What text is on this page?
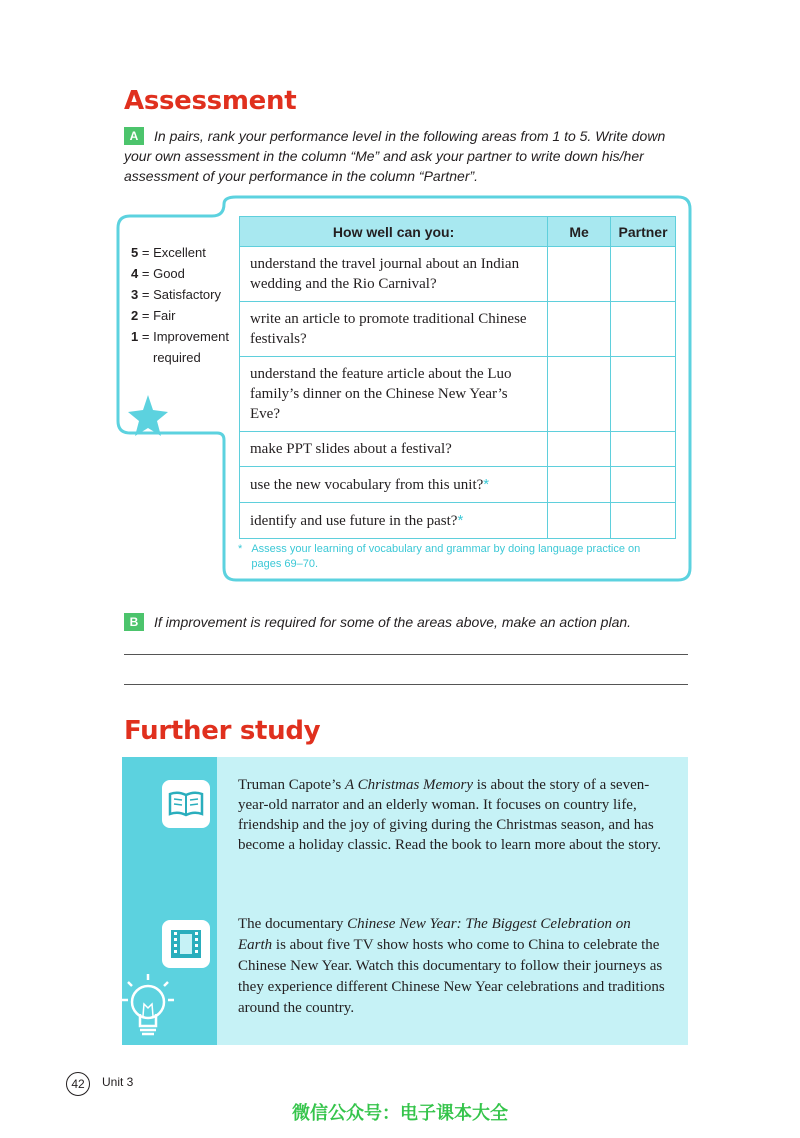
Assessment
A	In pairs, rank your performance level in the following areas from 1 to 5. Write down your own assessment in the column “Me” and ask your partner to write down his/her assessment of your performance in the column “Partner”.
5 = Excellent
4 = Good
3 = Satisfactory
2 = Fair
1 = Improvement
required
How well can you:	Me	Partner
understand the travel journal about an Indian wedding and the Rio Carnival?		
write an article to promote traditional Chinese festivals?		
understand the feature article about the Luo family’s dinner on the Chinese New Year’s Eve?		
make PPT slides about a festival?		
use the new vocabulary from this unit?*		
identify and use future in the past?*		
* Assess your learning of vocabulary and grammar by doing language practice on pages 69–70.
B	If improvement is required for some of the areas above, make an action plan.
Further study
Truman Capote’s A Christmas Memory is about the story of a seven-year-old narrator and an elderly woman. It focuses on country life, friendship and the joy of giving during the Christmas season, and has become a holiday classic. Read the book to learn more about the story.
The documentary Chinese New Year: The Biggest Celebration on Earth is about five TV show hosts who come to China to celebrate the Chinese New Year. Watch this documentary to follow their journeys as they experience different Chinese New Year celebrations and traditions around the country.
42	Unit 3
微信公众号：电子课本大全
